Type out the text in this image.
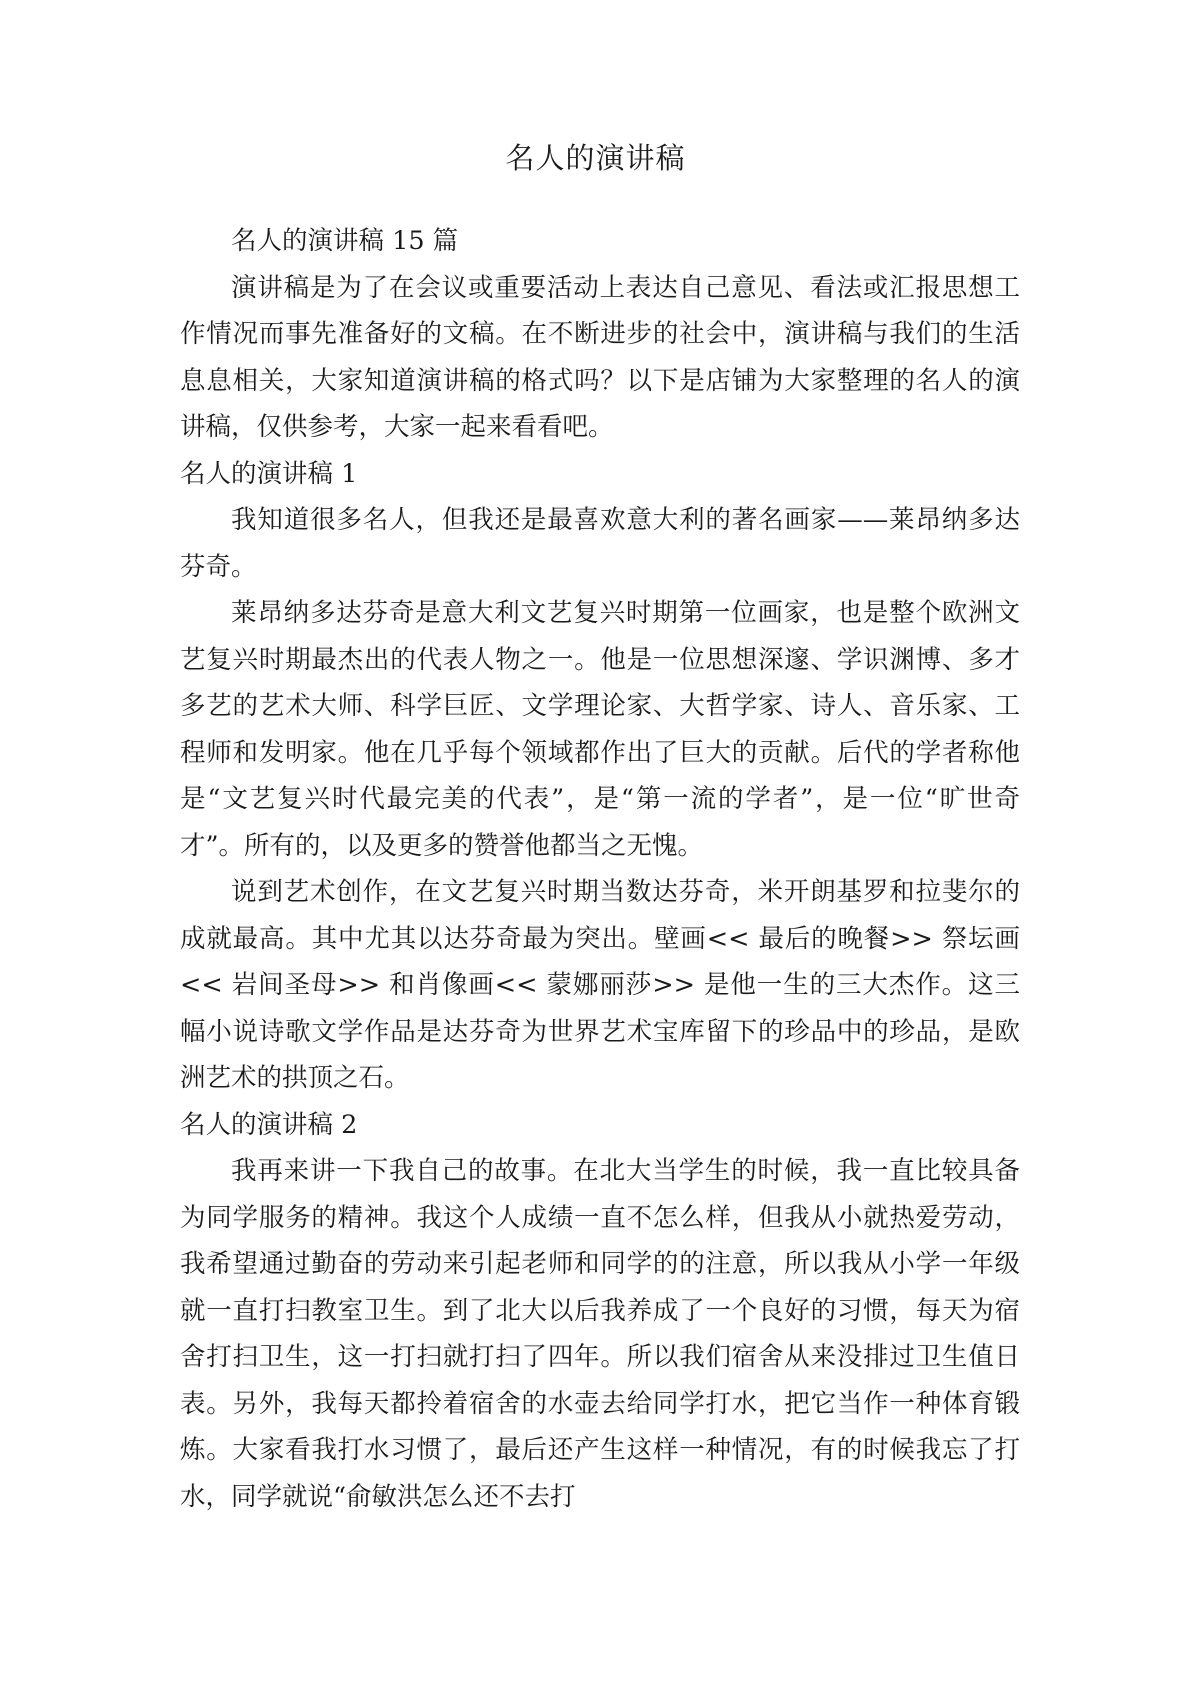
名人的演讲稿

名人的演讲稿 15 篇

演讲稿是为了在会议或重要活动上表达自己意见、看法或汇报思想工作情况而事先准备好的文稿。在不断进步的社会中，演讲稿与我们的生活息息相关，大家知道演讲稿的格式吗？以下是店铺为大家整理的名人的演讲稿，仅供参考，大家一起来看看吧。

名人的演讲稿 1

我知道很多名人，但我还是最喜欢意大利的著名画家——莱昂纳多达芬奇。

莱昂纳多达芬奇是意大利文艺复兴时期第一位画家，也是整个欧洲文艺复兴时期最杰出的代表人物之一。他是一位思想深邃、学识渊博、多才多艺的艺术大师、科学巨匠、文学理论家、大哲学家、诗人、音乐家、工程师和发明家。他在几乎每个领域都作出了巨大的贡献。后代的学者称他是“文艺复兴时代最完美的代表”，是“第一流的学者”，是一位“旷世奇才”。所有的，以及更多的赞誉他都当之无愧。

说到艺术创作，在文艺复兴时期当数达芬奇，米开朗基罗和拉斐尔的成就最高。其中尤其以达芬奇最为突出。壁画<< 最后的晚餐>> 祭坛画<< 岩间圣母>> 和肖像画<< 蒙娜丽莎>> 是他一生的三大杰作。这三幅小说诗歌文学作品是达芬奇为世界艺术宝库留下的珍品中的珍品，是欧洲艺术的拱顶之石。

名人的演讲稿 2

我再来讲一下我自己的故事。在北大当学生的时候，我一直比较具备为同学服务的精神。我这个人成绩一直不怎么样，但我从小就热爱劳动，我希望通过勤奋的劳动来引起老师和同学的的注意，所以我从小学一年级就一直打扫教室卫生。到了北大以后我养成了一个良好的习惯，每天为宿舍打扫卫生，这一打扫就打扫了四年。所以我们宿舍从来没排过卫生值日表。另外，我每天都拎着宿舍的水壶去给同学打水，把它当作一种体育锻炼。大家看我打水习惯了，最后还产生这样一种情况，有的时候我忘了打水，同学就说“俞敏洪怎么还不去打
